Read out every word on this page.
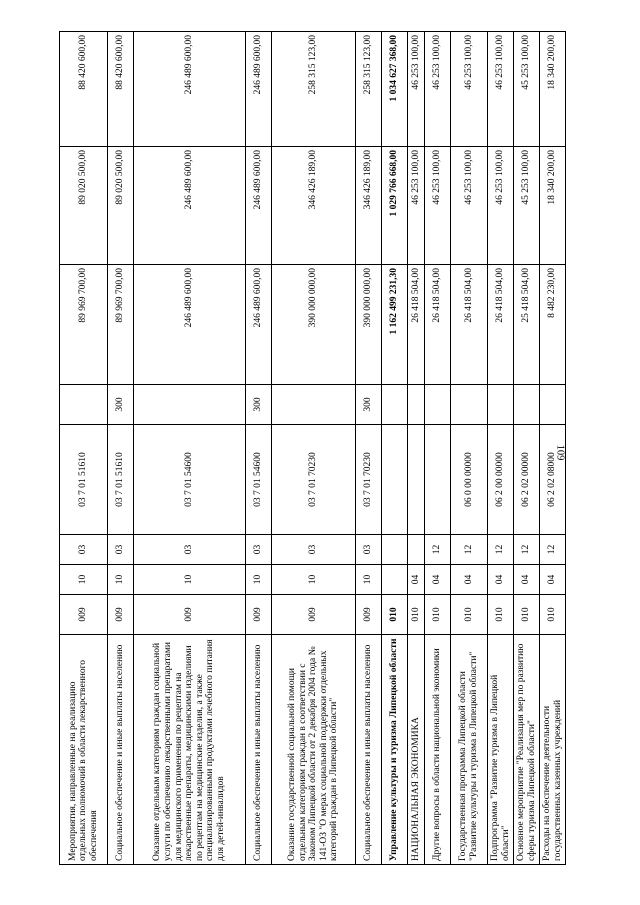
109
Мероприятия, направленные на реализацию отдельных полномочий в области лекарственного обеспечения	009	10	03	03 7 01 51610		89 969 700,00	89 020 500,00	88 420 600,00
Социальное обеспечение и иные выплаты населению	009	10	03	03 7 01 51610	300	89 969 700,00	89 020 500,00	88 420 600,00
Оказание отдельным категориям граждан социальной услуги по обеспечению лекарственными препаратами для медицинского применения по рецептам на лекарственные препараты, медицинскими изделиями по рецептам на медицинские изделия, а также специализированными продуктами лечебного питания для детей-инвалидов	009	10	03	03 7 01 54600		246 489 600,00	246 489 600,00	246 489 600,00
Социальное обеспечение и иные выплаты населению	009	10	03	03 7 01 54600	300	246 489 600,00	246 489 600,00	246 489 600,00
Оказание государственной социальной помощи отдельным категориям граждан в соответствии с Законом Липецкой области от 2 декабря 2004 года № 141-ОЗ "О мерах социальной поддержки отдельных категорий граждан в Липецкой области"	009	10	03	03 7 01 70230		390 000 000,00	346 426 189,00	258 315 123,00
Социальное обеспечение и иные выплаты населению	009	10	03	03 7 01 70230	300	390 000 000,00	346 426 189,00	258 315 123,00
Управление культуры и туризма Липецкой области	010					1 162 499 231,30	1 029 766 668,00	1 034 627 368,00
НАЦИОНАЛЬНАЯ ЭКОНОМИКА	010	04				26 418 504,00	46 253 100,00	46 253 100,00
Другие вопросы в области национальной экономики	010	04	12			26 418 504,00	46 253 100,00	46 253 100,00
Государственная программа Липецкой области "Развитие культуры и туризма в Липецкой области"	010	04	12	06 0 00 00000		26 418 504,00	46 253 100,00	46 253 100,00
Подпрограмма "Развитие туризма в Липецкой области"	010	04	12	06 2 00 00000		26 418 504,00	46 253 100,00	46 253 100,00
Основное мероприятие "Реализация мер по развитию сферы туризма Липецкой области"	010	04	12	06 2 02 00000		25 418 504,00	45 253 100,00	45 253 100,00
Расходы на обеспечение деятельности государственных казенных учреждений	010	04	12	06 2 02 08000		8 482 230,00	18 340 200,00	18 340 200,00
